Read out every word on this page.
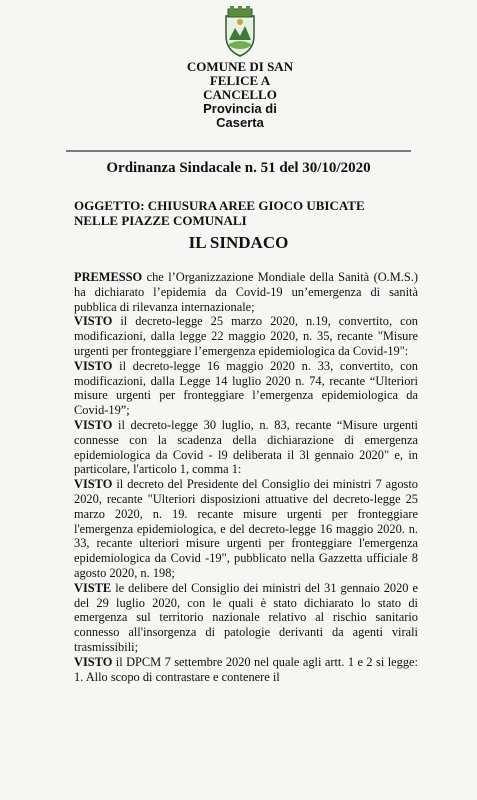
COMUNE DI SAN
FELICE A
CANCELLO
Provincia di
Caserta
Ordinanza Sindacale n. 51 del 30/10/2020
OGGETTO: CHIUSURA AREE GIOCO UBICATE
NELLE PIAZZE COMUNALI
IL SINDACO

PREMESSO che l’Organizzazione Mondiale della Sanità (O.M.S.) ha dichiarato l’epidemia da Covid-19 un’emergenza di sanità pubblica di rilevanza internazionale;

VISTO il decreto-legge 25 marzo 2020, n.19, convertito, con modificazioni, dalla legge 22 maggio 2020, n. 35, recante "Misure urgenti per fronteggiare l’emergenza epidemiologica da Covid-19":

VISTO il decreto-legge 16 maggio 2020 n. 33, convertito, con modificazioni, dalla Legge 14 luglio 2020 n. 74, recante “Ulteriori misure urgenti per fronteggiare l’emergenza epidemiologica da Covid-19”;

VISTO il decreto-legge 30 luglio, n. 83, recante “Misure urgenti connesse con la scadenza della dichiarazione di emergenza epidemiologica da Covid - l9 deliberata il 3l gennaio 2020" e, in particolare, l'articolo 1, comma 1:

VISTO il decreto del Presidente del Consiglio dei ministri 7 agosto 2020, recante "Ulteriori disposizioni attuative del decreto-legge 25 marzo 2020, n. 19. recante misure urgenti per fronteggiare l'emergenza epidemiologica, e del decreto-legge 16 maggio 2020. n. 33, recante ulteriori misure urgenti per fronteggiare l'emergenza epidemiologica da Covid -19", pubblicato nella Gazzetta ufficiale 8 agosto 2020, n. 198;

VISTE le delibere del Consiglio dei ministri del 31 gennaio 2020 e del 29 luglio 2020, con le quali è stato dichiarato lo stato di emergenza sul territorio nazionale relativo al rischio sanitario connesso all'insorgenza di patologie derivanti da agenti virali trasmissibili;

VISTO il DPCM 7 settembre 2020 nel quale agli artt. 1 e 2 si legge: 1. Allo scopo di contrastare e contenere il
